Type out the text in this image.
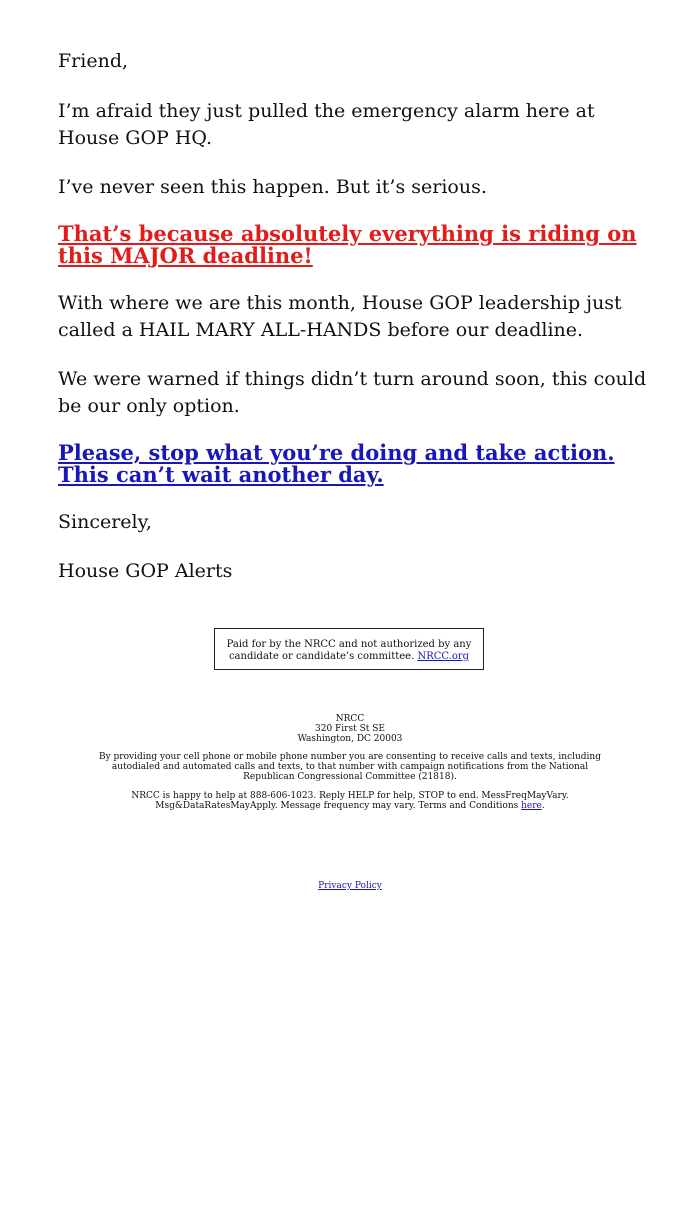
Friend,

I’m afraid they just pulled the emergency alarm here at House GOP HQ.

I’ve never seen this happen. But it’s serious.

That’s because absolutely everything is riding on this MAJOR deadline!

With where we are this month, House GOP leadership just called a HAIL MARY ALL-HANDS before our deadline.

We were warned if things didn’t turn around soon, this could be our only option.

Please, stop what you’re doing and take action. This can’t wait another day.

Sincerely,

House GOP Alerts

Paid for by the NRCC and not authorized by any candidate or candidate’s committee. NRCC.org

NRCC
320 First St SE
Washington, DC 20003

By providing your cell phone or mobile phone number you are consenting to receive calls and texts, including autodialed and automated calls and texts, to that number with campaign notifications from the National Republican Congressional Committee (21818).

NRCC is happy to help at 888-606-1023. Reply HELP for help, STOP to end. MessFreqMayVary. Msg&DataRatesMayApply. Message frequency may vary. Terms and Conditions here.

Privacy Policy
